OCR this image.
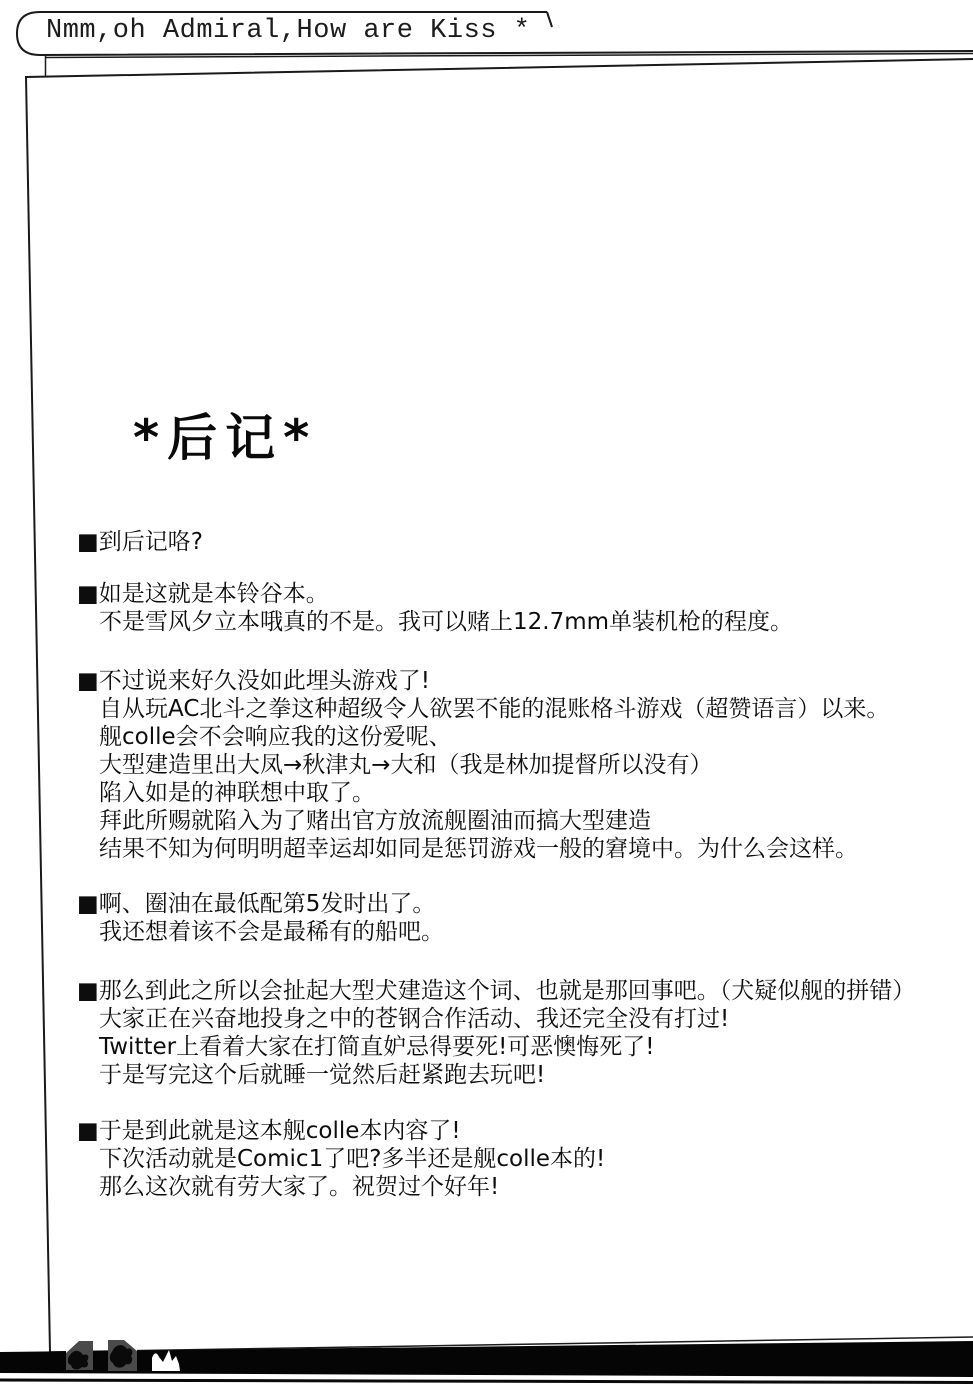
Nmm,oh Admiral,How are Kiss *
*后记*
■到后记咯?
■如是这就是本铃谷本。
不是雪风夕立本哦真的不是。我可以赌上12.7mm单装机枪的程度。
■不过说来好久没如此埋头游戏了!
自从玩AC北斗之拳这种超级令人欲罢不能的混账格斗游戏（超赞语言）以来。
舰colle会不会响应我的这份爱呢、
大型建造里出大凤→秋津丸→大和（我是林加提督所以没有）
陷入如是的神联想中取了。
拜此所赐就陷入为了赌出官方放流舰圈油而搞大型建造
结果不知为何明明超幸运却如同是惩罚游戏一般的窘境中。为什么会这样。
■啊、圈油在最低配第5发时出了。
我还想着该不会是最稀有的船吧。
■那么到此之所以会扯起大型犬建造这个词、也就是那回事吧。（犬疑似舰的拼错）
大家正在兴奋地投身之中的苍钢合作活动、我还完全没有打过!
Twitter上看着大家在打简直妒忌得要死!可恶懊悔死了!
于是写完这个后就睡一觉然后赶紧跑去玩吧!
■于是到此就是这本舰colle本内容了!
下次活动就是Comic1了吧?多半还是舰colle本的!
那么这次就有劳大家了。祝贺过个好年!
